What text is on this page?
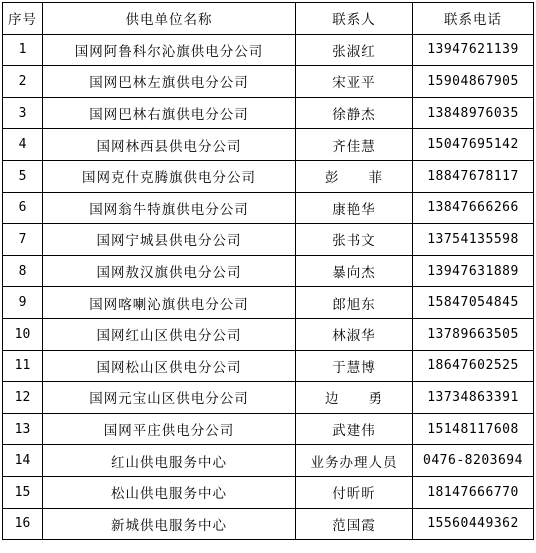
序号	供电单位名称	联系人	联系电话
1	国网阿鲁科尔沁旗供电分公司	张淑红	13947621139
2	国网巴林左旗供电分公司	宋亚平	15904867905
3	国网巴林右旗供电分公司	徐静杰	13848976035
4	国网林西县供电分公司	齐佳慧	15047695142
5	国网克什克腾旗供电分公司	彭　　菲	18847678117
6	国网翁牛特旗供电分公司	康艳华	13847666266
7	国网宁城县供电分公司	张书文	13754135598
8	国网敖汉旗供电分公司	暴向杰	13947631889
9	国网喀喇沁旗供电分公司	郎旭东	15847054845
10	国网红山区供电分公司	林淑华	13789663505
11	国网松山区供电分公司	于慧博	18647602525
12	国网元宝山区供电分公司	边　　勇	13734863391
13	国网平庄供电分公司	武建伟	15148117608
14	红山供电服务中心	业务办理人员	0476-8203694
15	松山供电服务中心	付昕昕	18147666770
16	新城供电服务中心	范国霞	15560449362
